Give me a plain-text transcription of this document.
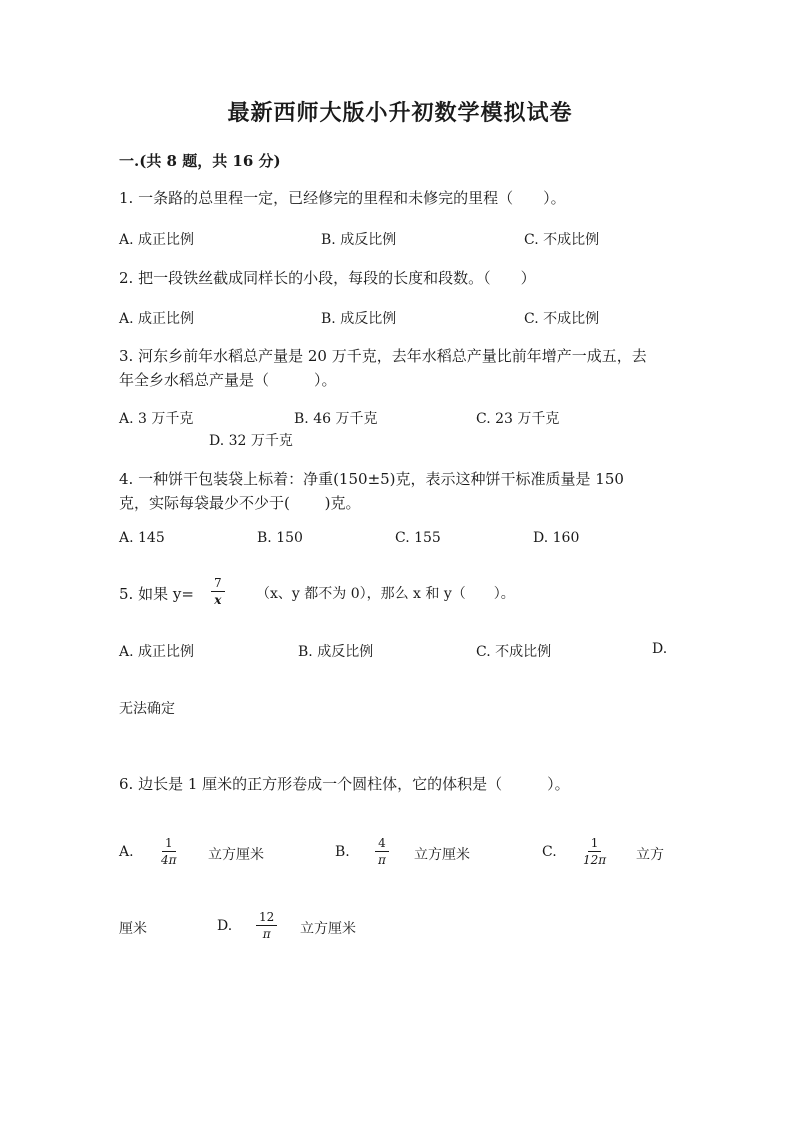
最新西师大版小升初数学模拟试卷
一.(共 8 题，共 16 分)
1. 一条路的总里程一定，已经修完的里程和未修完的里程（　　）。
A. 成正比例	B. 成反比例	C. 不成比例
2. 把一段铁丝截成同样长的小段，每段的长度和段数。（　　）
A. 成正比例	B. 成反比例	C. 不成比例
3. 河东乡前年水稻总产量是 20 万千克，去年水稻总产量比前年增产一成五，去
年全乡水稻总产量是（　　　）。
A. 3 万千克	B. 46 万千克	C. 23 万千克
D. 32 万千克
4. 一种饼干包装袋上标着：净重(150±5)克，表示这种饼干标准质量是 150
克，实际每袋最少不少于(　　 )克。
A. 145	B. 150	C. 155	D. 160
5. 如果 $y= \frac{7}{x} (x$、y 都不为 0），那么 x 和 y（　　）。
A. 成正比例	B. 成反比例	C. 不成比例	D.
无法确定
6. 边长是 1 厘米的正方形卷成一个圆柱体，它的体积是（　　　）。
A. $\frac{1}{4\pi}$ 立方厘米	B. $\frac{4}{\pi}$ 立方厘米	C. $\frac{1}{12\pi}$ 立方
厘米	D. $\frac{12}{\pi}$ 立方厘米
